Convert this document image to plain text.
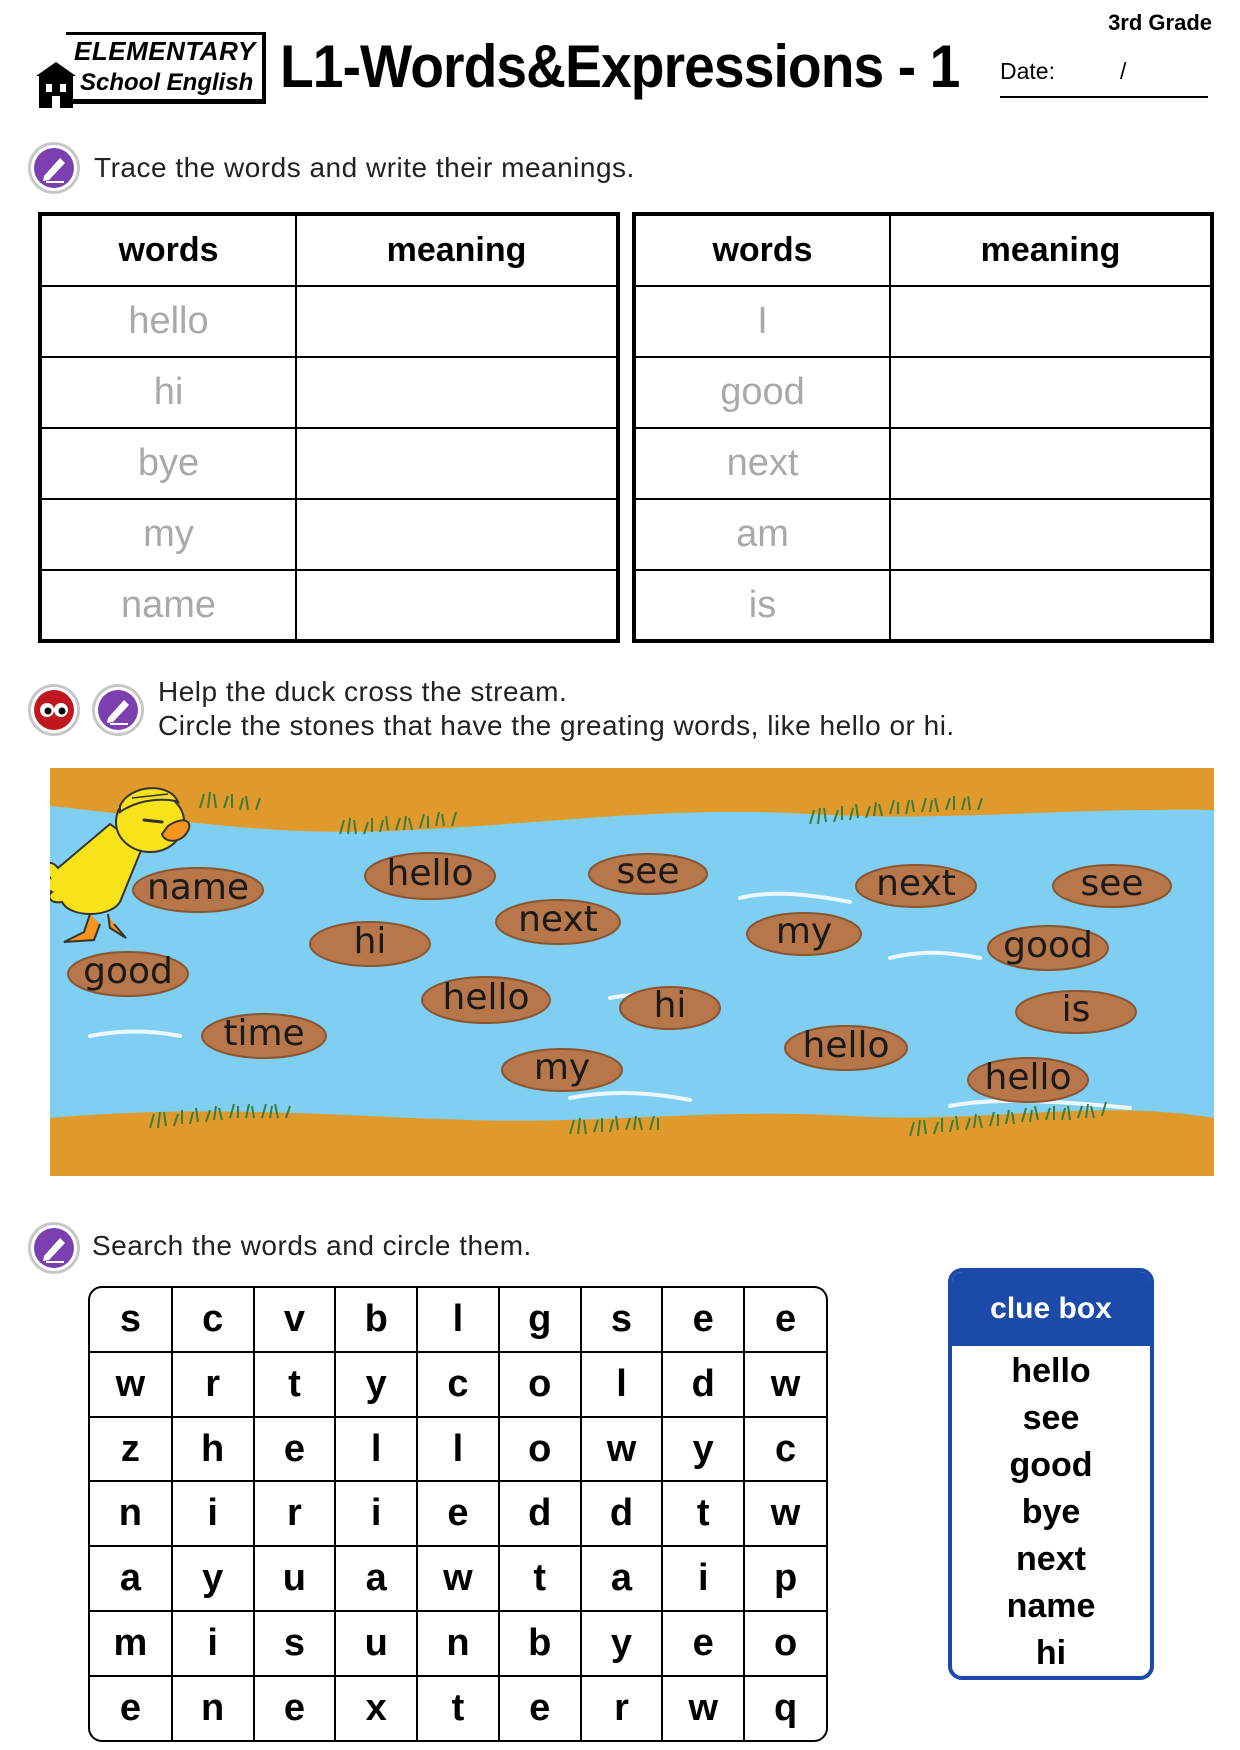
ELEMENTARY
School English L1-Words&Expressions - 1
3rd Grade
Date:	/
Trace the words and write their meanings.
words	meaning
hello	
hi	
bye	
my	
name	
words	meaning
I	
good	
next	
am	
is	
Help the duck cross the stream.
Circle the stones that have the greating words, like hello or hi.
name	hello	see	next	see
hi
next	my	good
good
hello	hi	is
time	hello
my	hello
Search the words and circle them.
s	c	v	b	l	g	s	e	e
w	r	t	y	c	o	l	d	w
z	h	e	l	l	o	w	y	c
n	i	r	i	e	d	d	t	w
a	y	u	a	w	t	a	i	p
m	i	s	u	n	b	y	e	o
e	n	e	x	t	e	r	w	q
clue box
hello
see
good
bye
next
name
hi
